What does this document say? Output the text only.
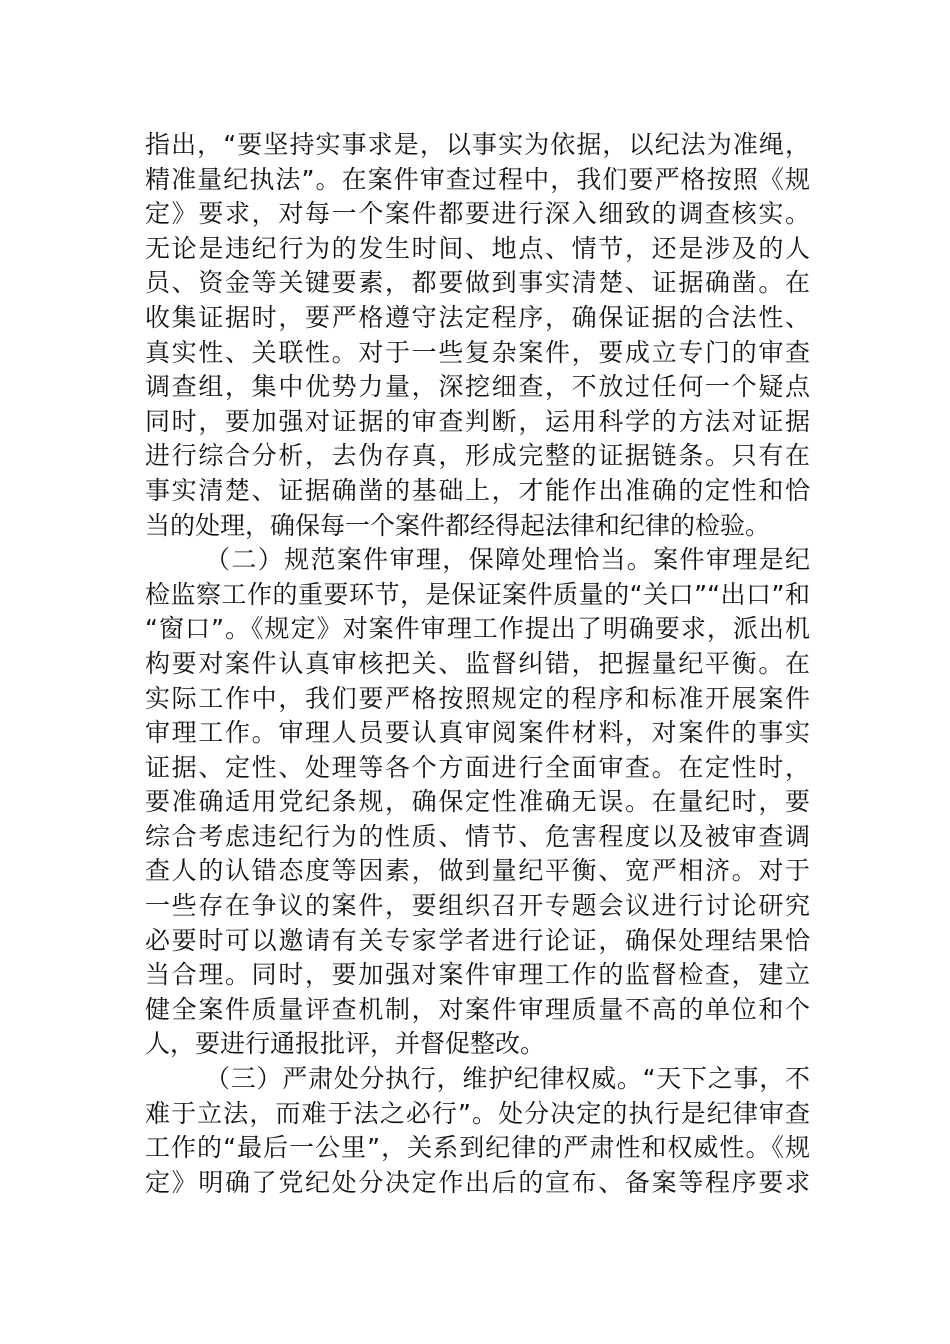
指出，“要坚持实事求是，以事实为依据，以纪法为准绳，
精准量纪执法”。在案件审查过程中，我们要严格按照《规
定》要求，对每一个案件都要进行深入细致的调查核实。
无论是违纪行为的发生时间、地点、情节，还是涉及的人
员、资金等关键要素，都要做到事实清楚、证据确凿。在
收集证据时，要严格遵守法定程序，确保证据的合法性、
真实性、关联性。对于一些复杂案件，要成立专门的审查
调查组，集中优势力量，深挖细查，不放过任何一个疑点
同时，要加强对证据的审查判断，运用科学的方法对证据
进行综合分析，去伪存真，形成完整的证据链条。只有在
事实清楚、证据确凿的基础上，才能作出准确的定性和恰
当的处理，确保每一个案件都经得起法律和纪律的检验。
（二）规范案件审理，保障处理恰当。案件审理是纪
检监察工作的重要环节，是保证案件质量的“关口”“出口”和
“窗口”。《规定》对案件审理工作提出了明确要求，派出机
构要对案件认真审核把关、监督纠错，把握量纪平衡。在
实际工作中，我们要严格按照规定的程序和标准开展案件
审理工作。审理人员要认真审阅案件材料，对案件的事实
证据、定性、处理等各个方面进行全面审查。在定性时，
要准确适用党纪条规，确保定性准确无误。在量纪时，要
综合考虑违纪行为的性质、情节、危害程度以及被审查调
查人的认错态度等因素，做到量纪平衡、宽严相济。对于
一些存在争议的案件，要组织召开专题会议进行讨论研究
必要时可以邀请有关专家学者进行论证，确保处理结果恰
当合理。同时，要加强对案件审理工作的监督检查，建立
健全案件质量评查机制，对案件审理质量不高的单位和个
人，要进行通报批评，并督促整改。
（三）严肃处分执行，维护纪律权威。“天下之事，不
难于立法，而难于法之必行”。处分决定的执行是纪律审查
工作的“最后一公里”，关系到纪律的严肃性和权威性。《规
定》明确了党纪处分决定作出后的宣布、备案等程序要求
